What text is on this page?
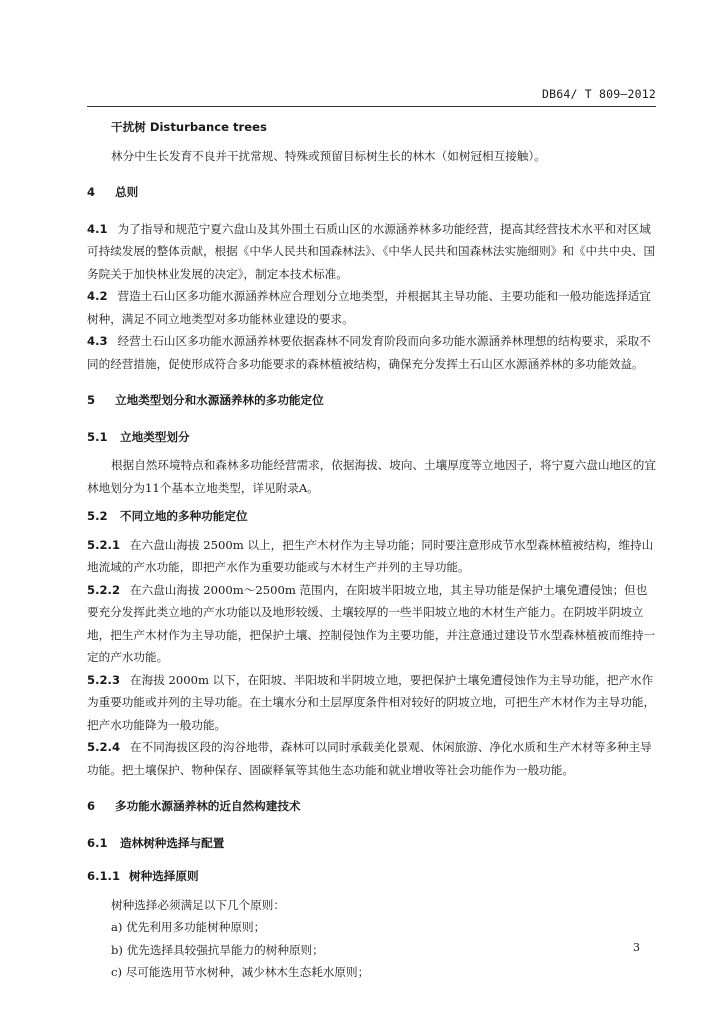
DB64/ T 809—2012

干扰树 Disturbance trees

林分中生长发育不良并干扰常规、特殊或预留目标树生长的林木（如树冠相互接触）。

4 总则

4.1 为了指导和规范宁夏六盘山及其外围土石质山区的水源涵养林多功能经营，提高其经营技术水平和对区域可持续发展的整体贡献，根据《中华人民共和国森林法》、《中华人民共和国森林法实施细则》和《中共中央、国务院关于加快林业发展的决定》，制定本技术标准。

4.2 营造土石山区多功能水源涵养林应合理划分立地类型，并根据其主导功能、主要功能和一般功能选择适宜树种，满足不同立地类型对多功能林业建设的要求。

4.3 经营土石山区多功能水源涵养林要依据森林不同发育阶段而向多功能水源涵养林理想的结构要求，采取不同的经营措施，促使形成符合多功能要求的森林植被结构，确保充分发挥土石山区水源涵养林的多功能效益。

5 立地类型划分和水源涵养林的多功能定位

5.1 立地类型划分

根据自然环境特点和森林多功能经营需求，依据海拔、坡向、土壤厚度等立地因子，将宁夏六盘山地区的宜林地划分为11个基本立地类型，详见附录A。

5.2 不同立地的多种功能定位

5.2.1 在六盘山海拔 2500m 以上，把生产木材作为主导功能；同时要注意形成节水型森林植被结构，维持山地流域的产水功能，即把产水作为重要功能或与木材生产并列的主导功能。

5.2.2 在六盘山海拔 2000m～2500m 范围内，在阳坡半阳坡立地，其主导功能是保护土壤免遭侵蚀；但也要充分发挥此类立地的产水功能以及地形较缓、土壤较厚的一些半阳坡立地的木材生产能力。在阴坡半阴坡立地，把生产木材作为主导功能，把保护土壤、控制侵蚀作为主要功能，并注意通过建设节水型森林植被而维持一定的产水功能。

5.2.3 在海拔 2000m 以下，在阳坡、半阳坡和半阴坡立地，要把保护土壤免遭侵蚀作为主导功能，把产水作为重要功能或并列的主导功能。在土壤水分和土层厚度条件相对较好的阴坡立地，可把生产木材作为主导功能，把产水功能降为一般功能。

5.2.4 在不同海拔区段的沟谷地带，森林可以同时承载美化景观、休闲旅游、净化水质和生产木材等多种主导功能。把土壤保护、物种保存、固碳释氧等其他生态功能和就业增收等社会功能作为一般功能。

6 多功能水源涵养林的近自然构建技术

6.1 造林树种选择与配置

6.1.1 树种选择原则

树种选择必须满足以下几个原则：

a) 优先利用多功能树种原则；

b) 优先选择具较强抗旱能力的树种原则；

c) 尽可能选用节水树种，减少林木生态耗水原则；

3
